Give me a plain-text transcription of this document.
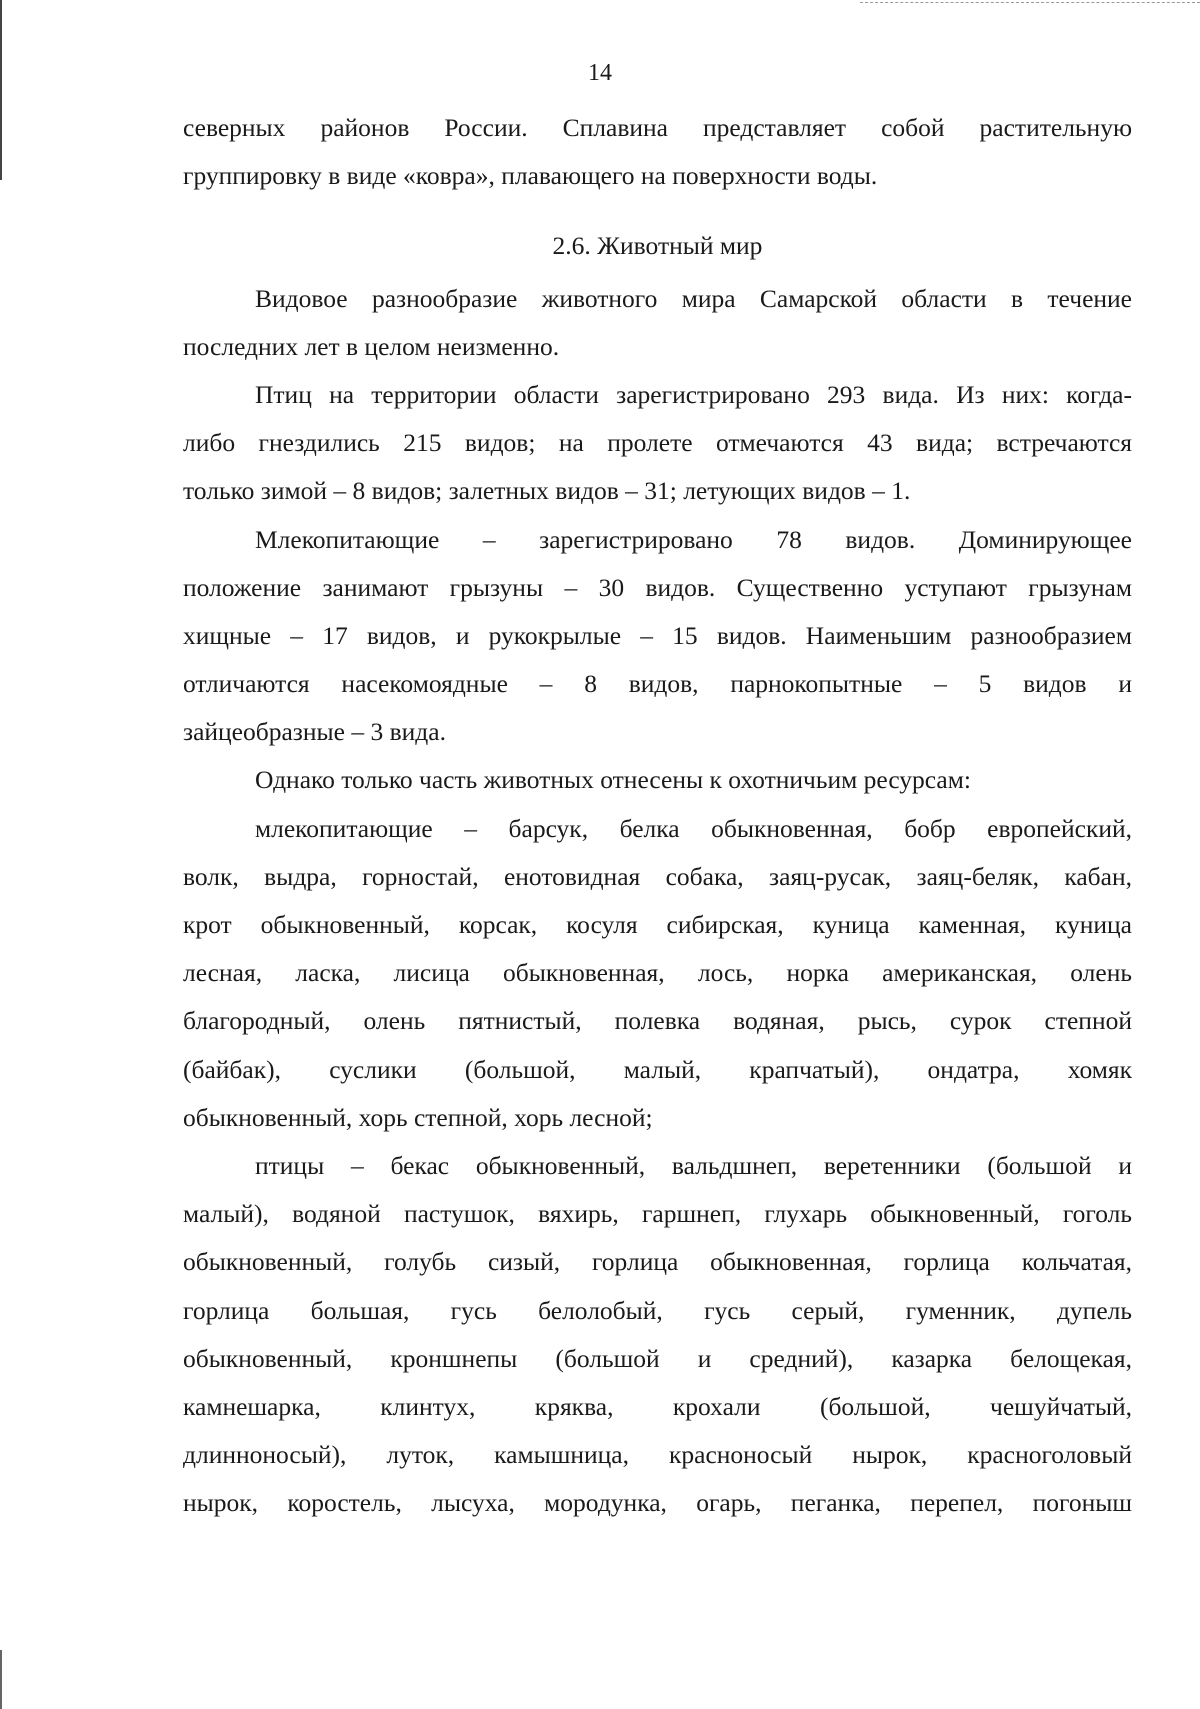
14
северных районов России. Сплавина представляет собой растительную
группировку в виде «ковра», плавающего на поверхности воды.
2.6. Животный мир
Видовое разнообразие животного мира Самарской области в течение
последних лет в целом неизменно.
Птиц на территории области зарегистрировано 293 вида. Из них: когда-
либо гнездились 215 видов; на пролете отмечаются 43 вида; встречаются
только зимой – 8 видов; залетных видов – 31; летующих видов – 1.
Млекопитающие – зарегистрировано 78 видов. Доминирующее
положение занимают грызуны – 30 видов. Существенно уступают грызунам
хищные – 17 видов, и рукокрылые – 15 видов. Наименьшим разнообразием
отличаются насекомоядные – 8 видов, парнокопытные – 5 видов и
зайцеобразные – 3 вида.
Однако только часть животных отнесены к охотничьим ресурсам:
млекопитающие – барсук, белка обыкновенная, бобр европейский,
волк, выдра, горностай, енотовидная собака, заяц-русак, заяц-беляк, кабан,
крот обыкновенный, корсак, косуля сибирская, куница каменная, куница
лесная, ласка, лисица обыкновенная, лось, норка американская, олень
благородный, олень пятнистый, полевка водяная, рысь, сурок степной
(байбак), суслики (большой, малый, крапчатый), ондатра, хомяк
обыкновенный, хорь степной, хорь лесной;
птицы – бекас обыкновенный, вальдшнеп, веретенники (большой и
малый), водяной пастушок, вяхирь, гаршнеп, глухарь обыкновенный, гоголь
обыкновенный, голубь сизый, горлица обыкновенная, горлица кольчатая,
горлица большая, гусь белолобый, гусь серый, гуменник, дупель
обыкновенный, кроншнепы (большой и средний), казарка белощекая,
камнешарка, клинтух, кряква, крохали (большой, чешуйчатый,
длинноносый), луток, камышница, красноносый нырок, красноголовый
нырок, коростель, лысуха, мородунка, огарь, пеганка, перепел, погоныш
